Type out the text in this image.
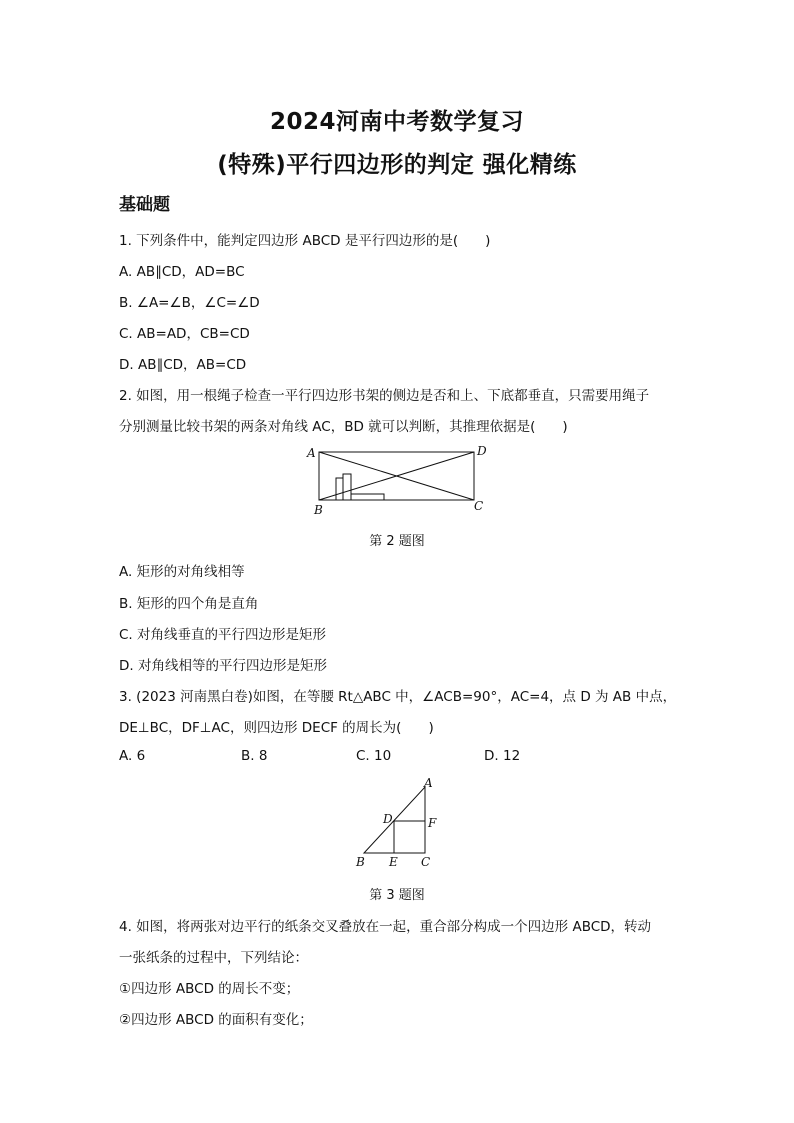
2024河南中考数学复习
(特殊)平行四边形的判定 强化精练
基础题
1. 下列条件中，能判定四边形 ABCD 是平行四边形的是(　　)
A. AB∥CD，AD=BC
B. ∠A=∠B，∠C=∠D
C. AB=AD，CB=CD
D. AB∥CD，AB=CD
2. 如图，用一根绳子检查一平行四边形书架的侧边是否和上、下底都垂直，只需要用绳子
分别测量比较书架的两条对角线 AC，BD 就可以判断，其推理依据是(　　)
A	D
B	C
第 2 题图
A. 矩形的对角线相等
B. 矩形的四个角是直角
C. 对角线垂直的平行四边形是矩形
D. 对角线相等的平行四边形是矩形
3. (2023 河南黑白卷)如图，在等腰 Rt△ABC 中，∠ACB=90°，AC=4，点 D 为 AB 中点，
DE⊥BC，DF⊥AC，则四边形 DECF 的周长为(　　)
A. 6	B. 8	C. 10	D. 12
A
D	F
B E C
第 3 题图
4. 如图，将两张对边平行的纸条交叉叠放在一起，重合部分构成一个四边形 ABCD，转动
一张纸条的过程中，下列结论：
①四边形 ABCD 的周长不变；
②四边形 ABCD 的面积有变化；
